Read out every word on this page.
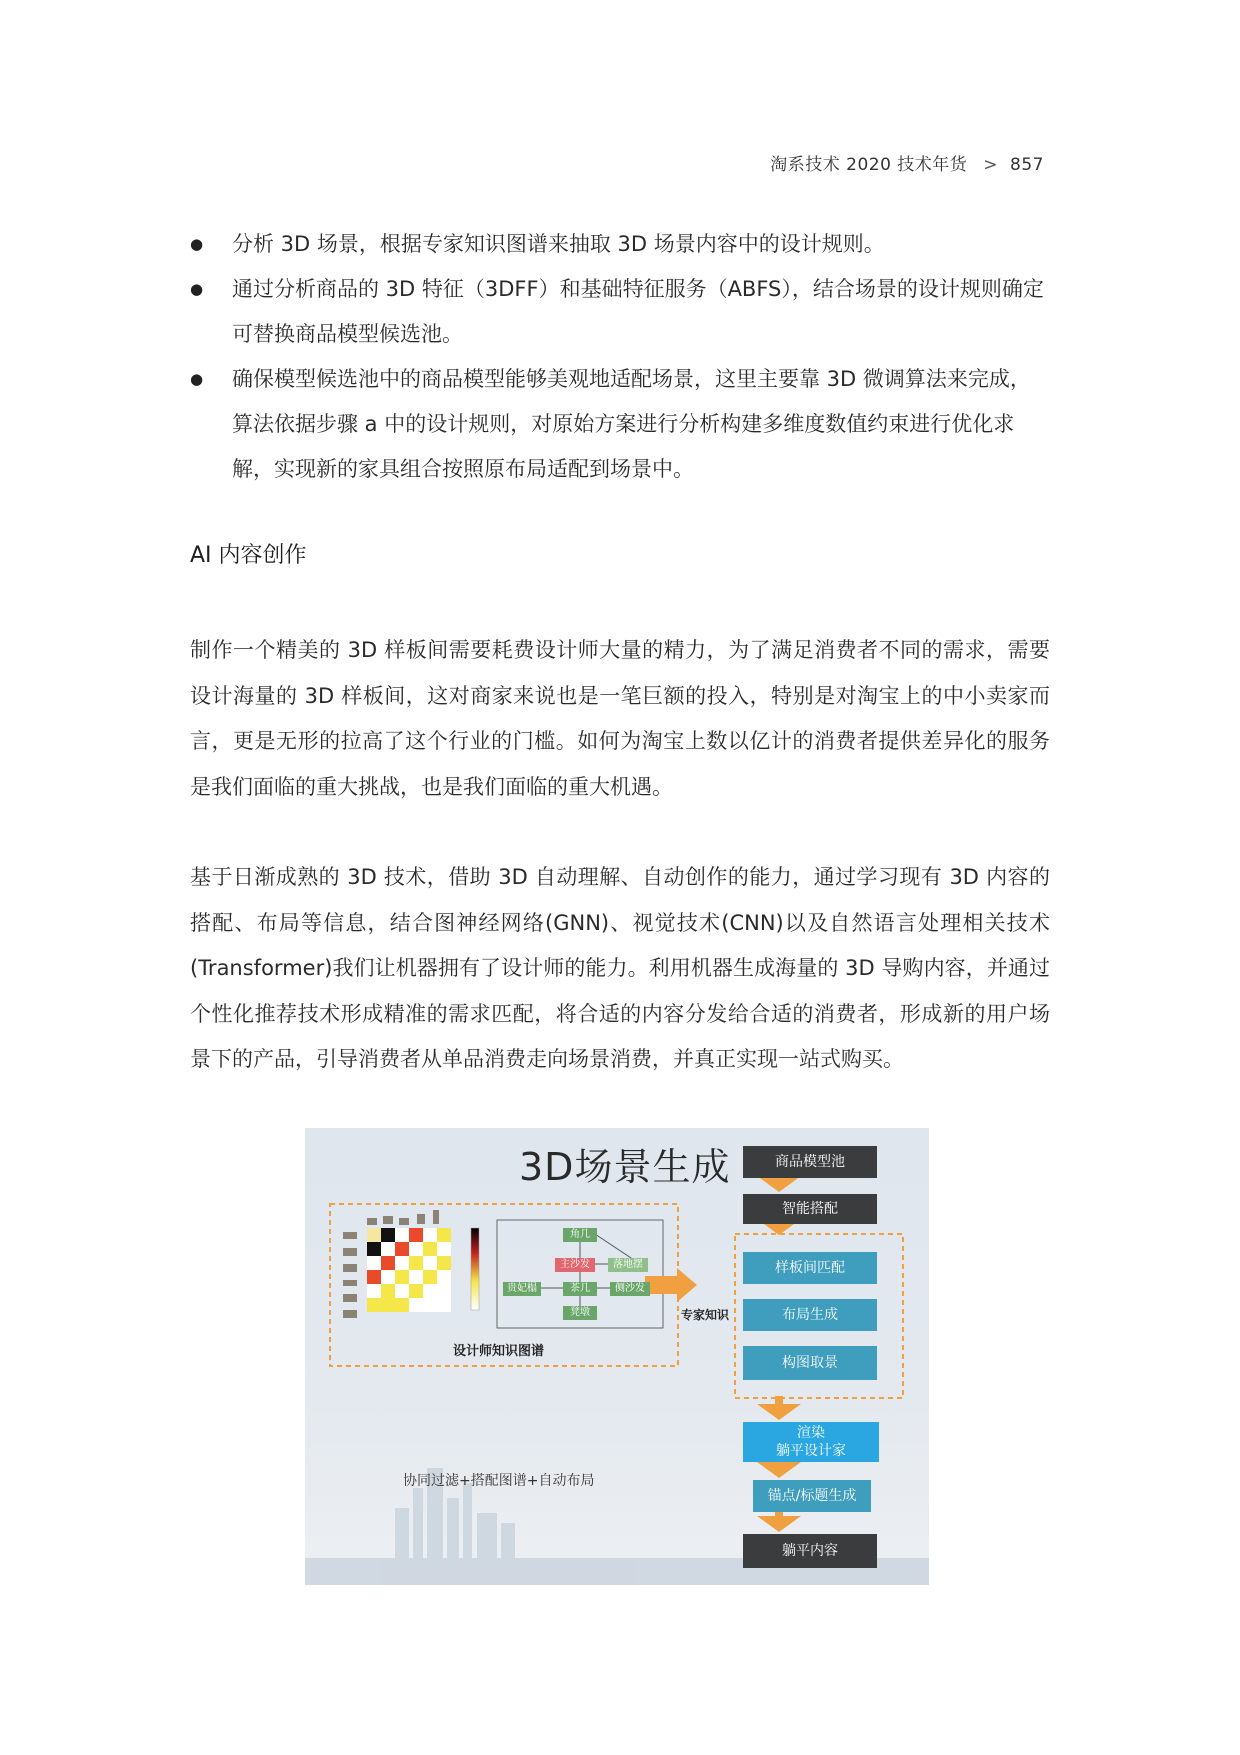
淘系技术 2020 技术年货 > 857
● 分析 3D 场景，根据专家知识图谱来抽取 3D 场景内容中的设计规则。
● 通过分析商品的 3D 特征（3DFF）和基础特征服务（ABFS），结合场景的设计规则确定可替换商品模型候选池。
● 确保模型候选池中的商品模型能够美观地适配场景，这里主要靠 3D 微调算法来完成，算法依据步骤 a 中的设计规则，对原始方案进行分析构建多维度数值约束进行优化求解，实现新的家具组合按照原布局适配到场景中。
AI 内容创作
制作一个精美的 3D 样板间需要耗费设计师大量的精力，为了满足消费者不同的需求，需要设计海量的 3D 样板间，这对商家来说也是一笔巨额的投入，特别是对淘宝上的中小卖家而言，更是无形的拉高了这个行业的门槛。如何为淘宝上数以亿计的消费者提供差异化的服务是我们面临的重大挑战，也是我们面临的重大机遇。
基于日渐成熟的 3D 技术，借助 3D 自动理解、自动创作的能力，通过学习现有 3D 内容的搭配、布局等信息，结合图神经网络(GNN)、视觉技术(CNN)以及自然语言处理相关技术(Transformer)我们让机器拥有了设计师的能力。利用机器生成海量的 3D 导购内容，并通过个性化推荐技术形成精准的需求匹配，将合适的内容分发给合适的消费者，形成新的用户场景下的产品，引导消费者从单品消费走向场景消费，并真正实现一站式购买。
3D场景生成	商品模型池
智能搭配
样板间匹配
布局生成
构图取景
渲染
躺平设计家
锚点/标题生成
躺平内容
专家知识
设计师知识图谱
协同过滤+搭配图谱+自动布局
角几
主沙发	落地摆
贵妃榻	茶几	侧沙发
凳墩
